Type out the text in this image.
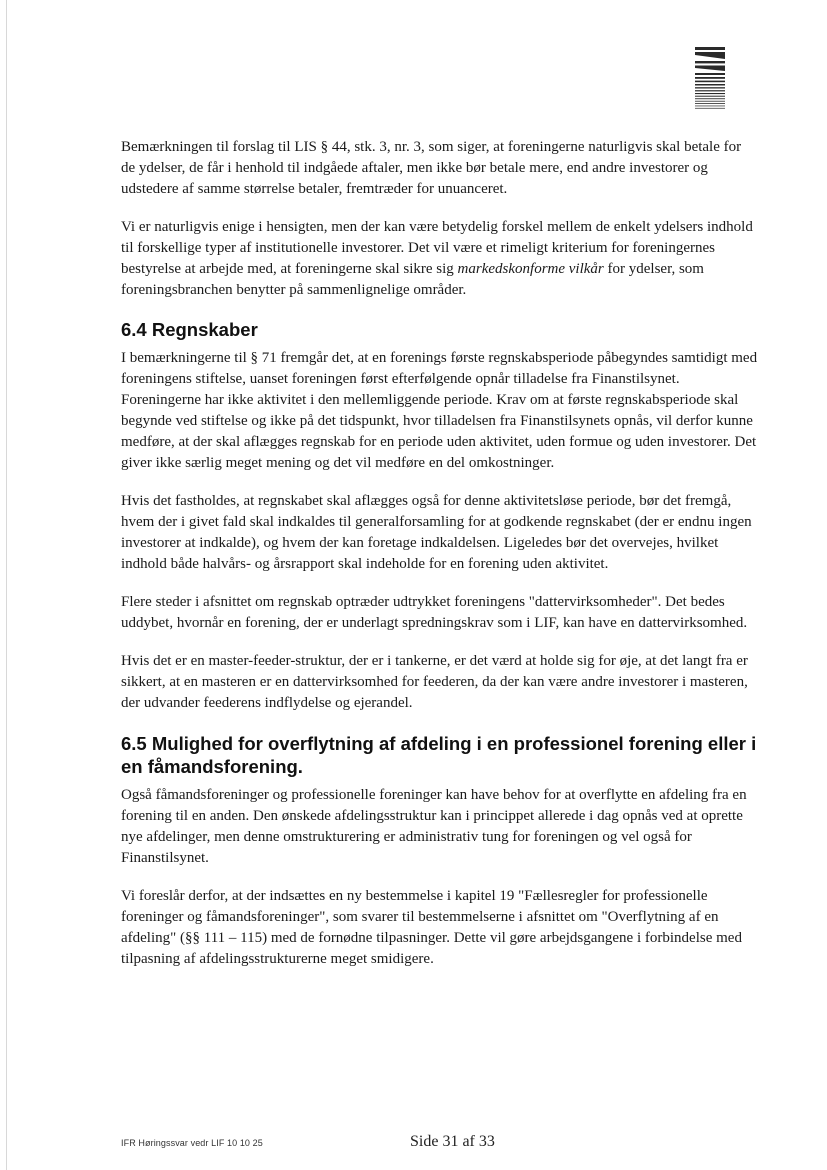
Bemærkningen til forslag til LIS § 44, stk. 3, nr. 3, som siger, at foreningerne naturligvis skal betale for de ydelser, de får i henhold til indgåede aftaler, men ikke bør betale mere, end andre investorer og udstedere af samme størrelse betaler, fremtræder for unuanceret.

Vi er naturligvis enige i hensigten, men der kan være betydelig forskel mellem de enkelt ydelsers indhold til forskellige typer af institutionelle investorer. Det vil være et rimeligt kriterium for foreningernes bestyrelse at arbejde med, at foreningerne skal sikre sig markedskonforme vilkår for ydelser, som foreningsbranchen benytter på sammenlignelige områder.

6.4 Regnskaber

I bemærkningerne til § 71 fremgår det, at en forenings første regnskabsperiode påbegyndes samtidigt med foreningens stiftelse, uanset foreningen først efterfølgende opnår tilladelse fra Finanstilsynet. Foreningerne har ikke aktivitet i den mellemliggende periode. Krav om at første regnskabsperiode skal begynde ved stiftelse og ikke på det tidspunkt, hvor tilladelsen fra Finanstilsynets opnås, vil derfor kunne medføre, at der skal aflægges regnskab for en periode uden aktivitet, uden formue og uden investorer. Det giver ikke særlig meget mening og det vil medføre en del omkostninger.

Hvis det fastholdes, at regnskabet skal aflægges også for denne aktivitetsløse periode, bør det fremgå, hvem der i givet fald skal indkaldes til generalforsamling for at godkende regnskabet (der er endnu ingen investorer at indkalde), og hvem der kan foretage indkaldelsen. Ligeledes bør det overvejes, hvilket indhold både halvårs- og årsrapport skal indeholde for en forening uden aktivitet.

Flere steder i afsnittet om regnskab optræder udtrykket foreningens "dattervirksomheder". Det bedes uddybet, hvornår en forening, der er underlagt spredningskrav som i LIF, kan have en dattervirksomhed.

Hvis det er en master-feeder-struktur, der er i tankerne, er det værd at holde sig for øje, at det langt fra er sikkert, at en masteren er en dattervirksomhed for feederen, da der kan være andre investorer i masteren, der udvander feederens indflydelse og ejerandel.

6.5 Mulighed for overflytning af afdeling i en professionel forening eller i en fåmandsforening.

Også fåmandsforeninger og professionelle foreninger kan have behov for at overflytte en afdeling fra en forening til en anden. Den ønskede afdelingsstruktur kan i princippet allerede i dag opnås ved at oprette nye afdelinger, men denne omstrukturering er administrativ tung for foreningen og vel også for Finanstilsynet.

Vi foreslår derfor, at der indsættes en ny bestemmelse i kapitel 19 "Fællesregler for professionelle foreninger og fåmandsforeninger", som svarer til bestemmelserne i afsnittet om "Overflytning af en afdeling" (§§ 111 – 115) med de fornødne tilpasninger. Dette vil gøre arbejdsgangene i forbindelse med tilpasning af afdelingsstrukturerne meget smidigere.

IFR Høringssvar vedr LIF 10 10 25	Side 31 af 33
